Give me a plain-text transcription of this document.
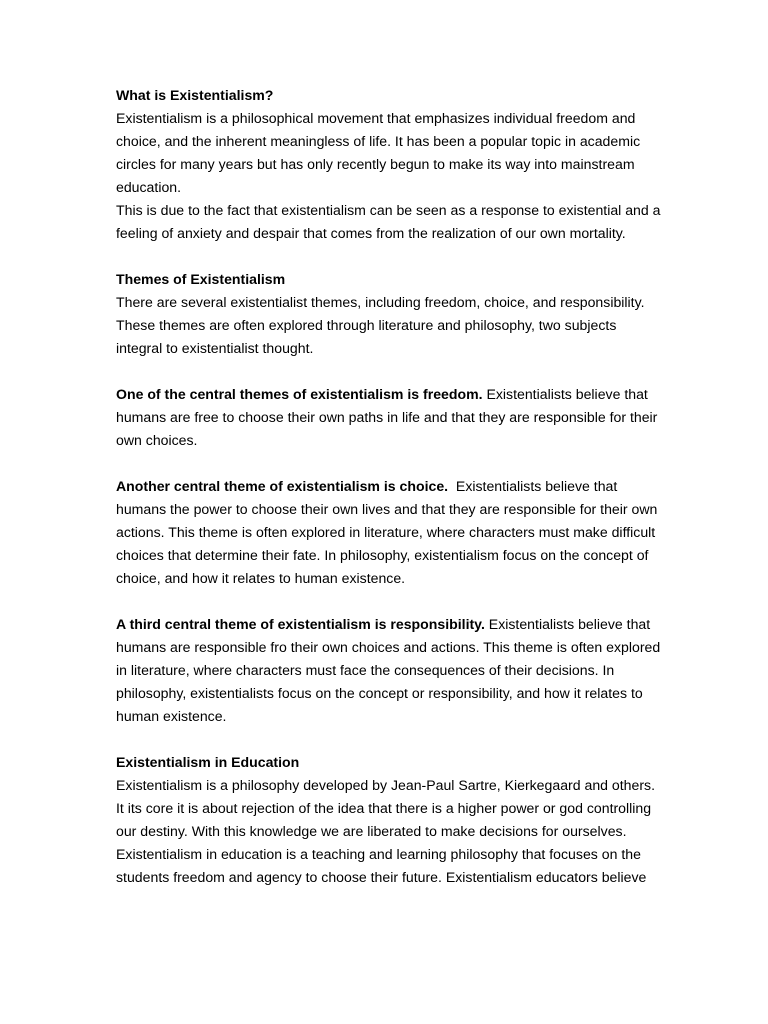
What is Existentialism?

Existentialism is a philosophical movement that emphasizes individual freedom and choice, and the inherent meaningless of life. It has been a popular topic in academic circles for many years but has only recently begun to make its way into mainstream education.

This is due to the fact that existentialism can be seen as a response to existential and a feeling of anxiety and despair that comes from the realization of our own mortality.

Themes of Existentialism

There are several existentialist themes, including freedom, choice, and responsibility. These themes are often explored through literature and philosophy, two subjects integral to existentialist thought.

One of the central themes of existentialism is freedom. Existentialists believe that humans are free to choose their own paths in life and that they are responsible for their own choices.

Another central theme of existentialism is choice.  Existentialists believe that humans the power to choose their own lives and that they are responsible for their own actions. This theme is often explored in literature, where characters must make difficult choices that determine their fate. In philosophy, existentialism focus on the concept of choice, and how it relates to human existence.

A third central theme of existentialism is responsibility. Existentialists believe that humans are responsible fro their own choices and actions. This theme is often explored in literature, where characters must face the consequences of their decisions. In philosophy, existentialists focus on the concept or responsibility, and how it relates to human existence.

Existentialism in Education

Existentialism is a philosophy developed by Jean-Paul Sartre, Kierkegaard and others. It its core it is about rejection of the idea that there is a higher power or god controlling our destiny. With this knowledge we are liberated to make decisions for ourselves.

Existentialism in education is a teaching and learning philosophy that focuses on the students freedom and agency to choose their future. Existentialism educators believe
